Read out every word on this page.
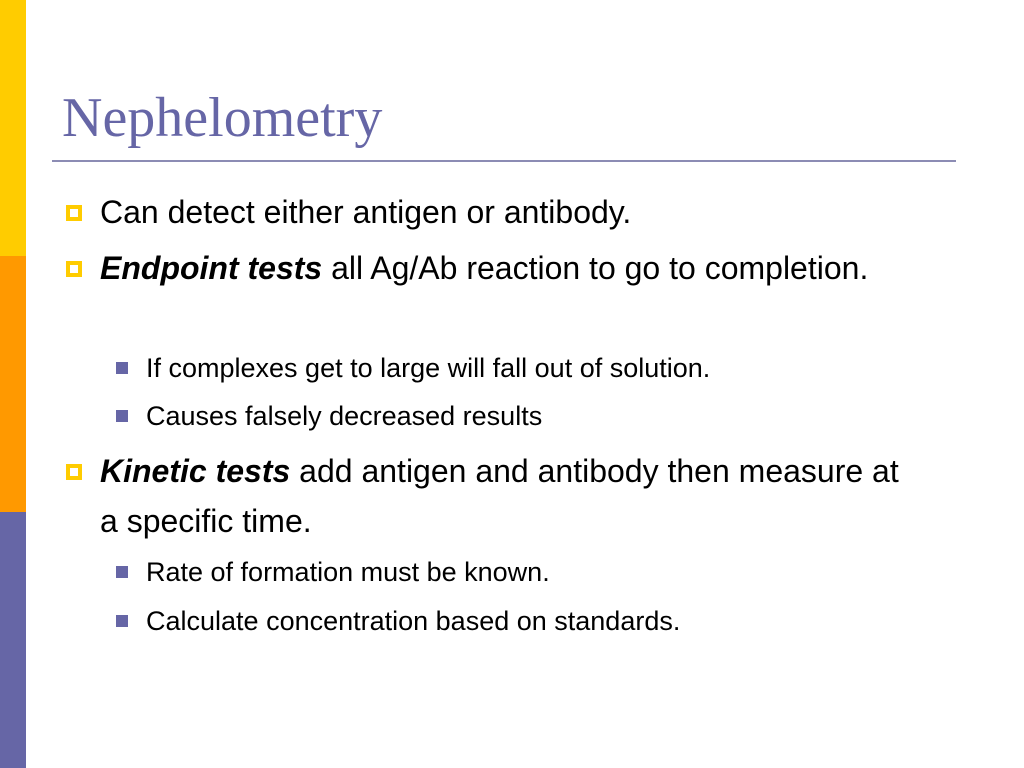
Nephelometry
Can detect either antigen or antibody.
Endpoint tests all Ag/Ab reaction to go to completion.
If complexes get to large will fall out of solution.
Causes falsely decreased results
Kinetic tests add antigen and antibody then measure at a specific time.
Rate of formation must be known.
Calculate concentration based on standards.
